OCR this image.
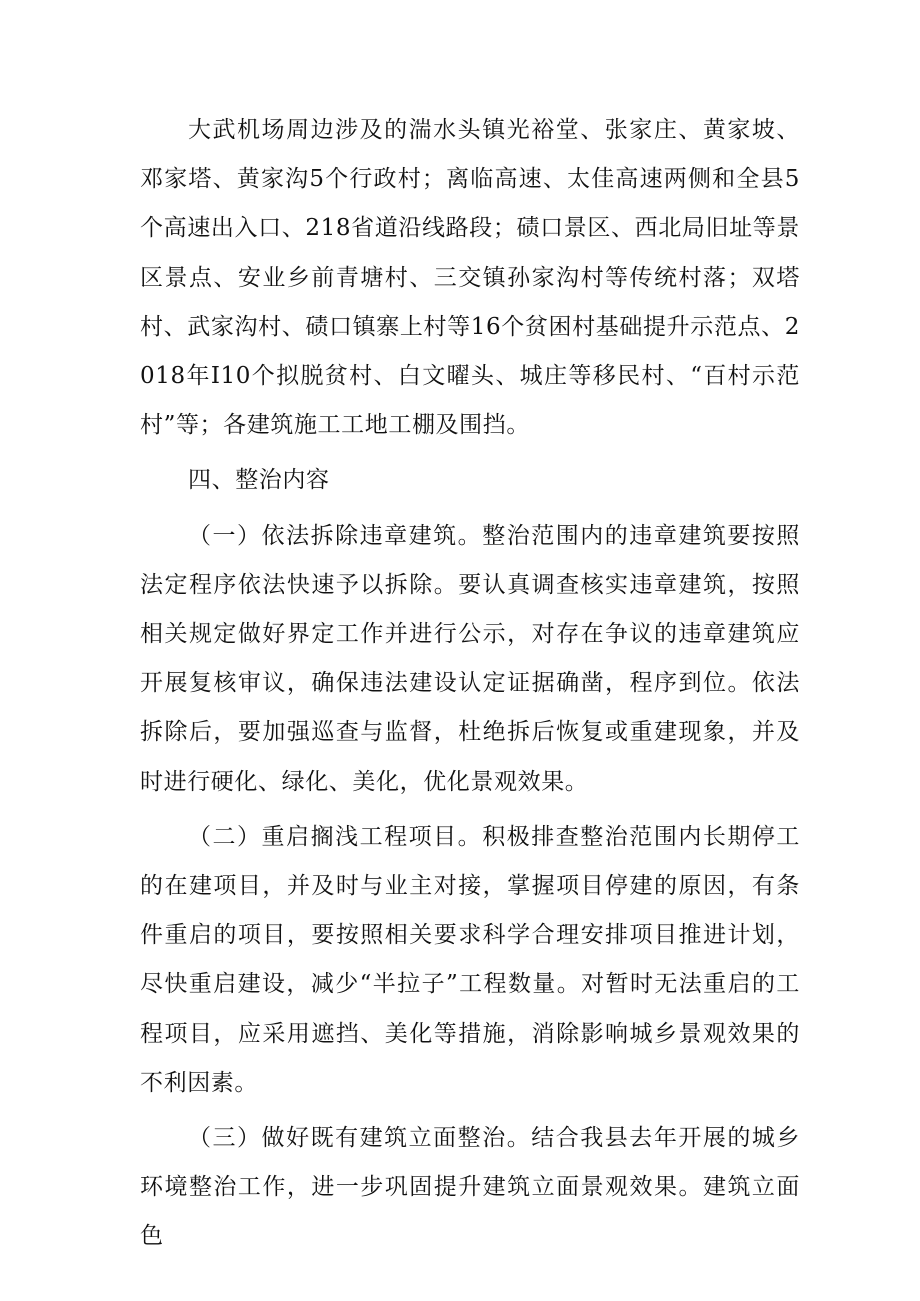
大武机场周边涉及的湍水头镇光裕堂、张家庄、黄家坡、邓家塔、黄家沟5个行政村；离临高速、太佳高速两侧和全县5个高速出入口、218省道沿线路段；碛口景区、西北局旧址等景区景点、安业乡前青塘村、三交镇孙家沟村等传统村落；双塔村、武家沟村、碛口镇寨上村等16个贫困村基础提升示范点、2018年I10个拟脱贫村、白文曜头、城庄等移民村、“百村示范村”等；各建筑施工工地工棚及围挡。

四、整治内容

（一）依法拆除违章建筑。整治范围内的违章建筑要按照法定程序依法快速予以拆除。要认真调查核实违章建筑，按照相关规定做好界定工作并进行公示，对存在争议的违章建筑应开展复核审议，确保违法建设认定证据确凿，程序到位。依法拆除后，要加强巡查与监督，杜绝拆后恢复或重建现象，并及时进行硬化、绿化、美化，优化景观效果。

（二）重启搁浅工程项目。积极排查整治范围内长期停工的在建项目，并及时与业主对接，掌握项目停建的原因，有条件重启的项目，要按照相关要求科学合理安排项目推进计划，尽快重启建设，减少“半拉子”工程数量。对暂时无法重启的工程项目，应采用遮挡、美化等措施，消除影响城乡景观效果的不利因素。

（三）做好既有建筑立面整治。结合我县去年开展的城乡环境整治工作，进一步巩固提升建筑立面景观效果。建筑立面色
